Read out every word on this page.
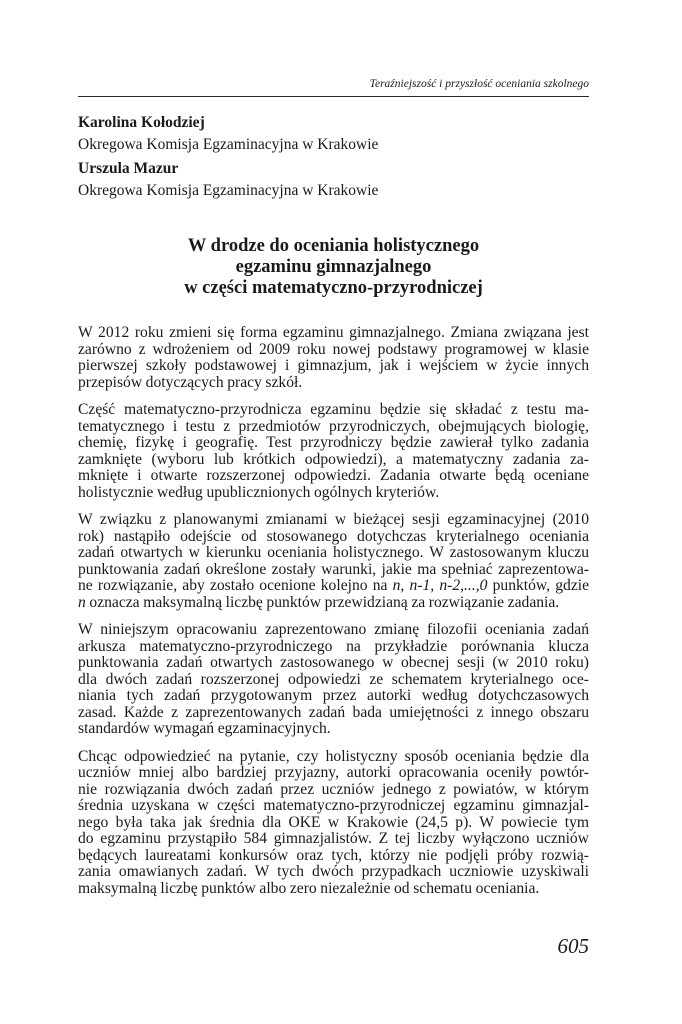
Teraźniejszość i przyszłość oceniania szkolnego
Karolina Kołodziej
Okregowa Komisja Egzaminacyjna w Krakowie
Urszula Mazur
Okregowa Komisja Egzaminacyjna w Krakowie
W drodze do oceniania holistycznego
egzaminu gimnazjalnego
w części matematyczno-przyrodniczej

W 2012 roku zmieni się forma egzaminu gimnazjalnego. Zmiana związana jest
zarówno z wdrożeniem od 2009 roku nowej podstawy programowej w klasie
pierwszej szkoły podstawowej i gimnazjum, jak i wejściem w życie innych
przepisów dotyczących pracy szkół.

Część matematyczno-przyrodnicza egzaminu będzie się składać z testu ma-
tematycznego i testu z przedmiotów przyrodniczych, obejmujących biologię,
chemię, fizykę i geografię. Test przyrodniczy będzie zawierał tylko zadania
zamknięte (wyboru lub krótkich odpowiedzi), a matematyczny zadania za-
mknięte i otwarte rozszerzonej odpowiedzi. Zadania otwarte będą oceniane
holistycznie według upublicznionych ogólnych kryteriów.

W związku z planowanymi zmianami w bieżącej sesji egzaminacyjnej (2010
rok) nastąpiło odejście od stosowanego dotychczas kryterialnego oceniania
zadań otwartych w kierunku oceniania holistycznego. W zastosowanym kluczu
punktowania zadań określone zostały warunki, jakie ma spełniać zaprezentowa-
ne rozwiązanie, aby zostało ocenione kolejno na n, n-1, n-2,...,0 punktów, gdzie
n oznacza maksymalną liczbę punktów przewidzianą za rozwiązanie zadania.

W niniejszym opracowaniu zaprezentowano zmianę filozofii oceniania zadań
arkusza matematyczno-przyrodniczego na przykładzie porównania klucza
punktowania zadań otwartych zastosowanego w obecnej sesji (w 2010 roku)
dla dwóch zadań rozszerzonej odpowiedzi ze schematem kryterialnego oce-
niania tych zadań przygotowanym przez autorki według dotychczasowych
zasad. Każde z zaprezentowanych zadań bada umiejętności z innego obszaru
standardów wymagań egzaminacyjnych.

Chcąc odpowiedzieć na pytanie, czy holistyczny sposób oceniania będzie dla
uczniów mniej albo bardziej przyjazny, autorki opracowania oceniły powtór-
nie rozwiązania dwóch zadań przez uczniów jednego z powiatów, w którym
średnia uzyskana w części matematyczno-przyrodniczej egzaminu gimnazjal-
nego była taka jak średnia dla OKE w Krakowie (24,5 p). W powiecie tym
do egzaminu przystąpiło 584 gimnazjalistów. Z tej liczby wyłączono uczniów
będących laureatami konkursów oraz tych, którzy nie podjęli próby rozwią-
zania omawianych zadań. W tych dwóch przypadkach uczniowie uzyskiwali
maksymalną liczbę punktów albo zero niezależnie od schematu oceniania.

605
